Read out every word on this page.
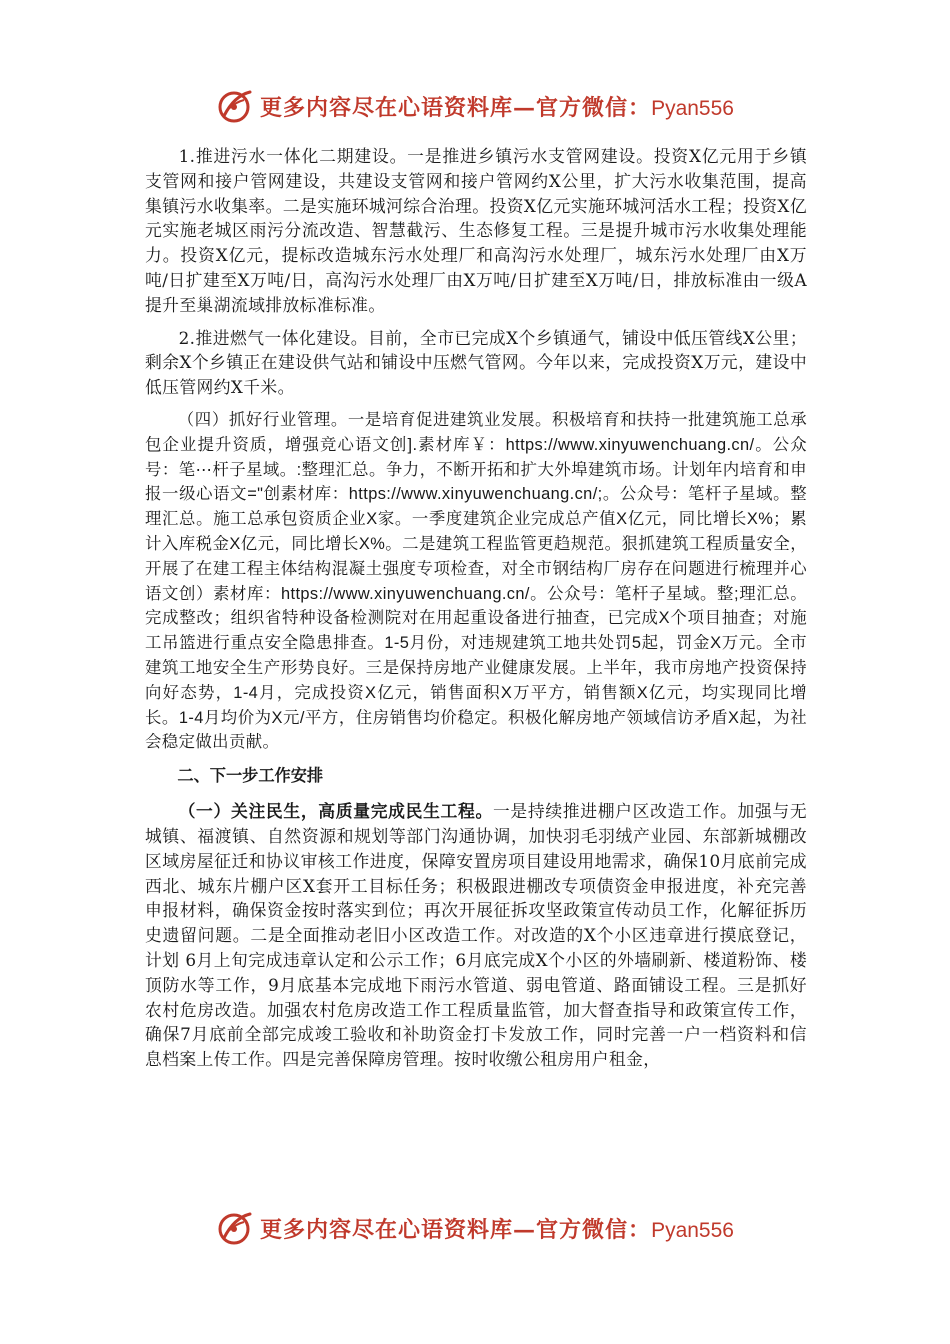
更多内容尽在心语资料库—官方微信：Pyan556

1.推进污水一体化二期建设。一是推进乡镇污水支管网建设。投资X亿元用于乡镇支管网和接户管网建设，共建设支管网和接户管网约X公里，扩大污水收集范围，提高集镇污水收集率。二是实施环城河综合治理。投资X亿元实施环城河活水工程；投资X亿元实施老城区雨污分流改造、智慧截污、生态修复工程。三是提升城市污水收集处理能力。投资X亿元，提标改造城东污水处理厂和高沟污水处理厂，城东污水处理厂由X万吨/日扩建至X万吨/日，高沟污水处理厂由X万吨/日扩建至X万吨/日，排放标准由一级A提升至巢湖流域排放标准标准。

2.推进燃气一体化建设。目前，全市已完成X个乡镇通气，铺设中低压管线X公里；剩余X个乡镇正在建设供气站和铺设中压燃气管网。今年以来，完成投资X万元，建设中低压管网约X千米。

（四）抓好行业管理。一是培育促进建筑业发展。积极培育和扶持一批建筑施工总承包企业提升资质，增强竞心语文创].素材库￥：https://www.xinyuwenchuang.cn/。公众号：笔⋯杆子星域。:整理汇总。争力，不断开拓和扩大外埠建筑市场。计划年内培育和申报一级心语文="创素材库：https://www.xinyuwenchuang.cn/;。公众号：笔杆子星域。整理汇总。施工总承包资质企业X家。一季度建筑企业完成总产值X亿元，同比增长X%；累计入库税金X亿元，同比增长X%。二是建筑工程监管更趋规范。狠抓建筑工程质量安全，开展了在建工程主体结构混凝土强度专项检查，对全市钢结构厂房存在问题进行梳理并心语文创）素材库：https://www.xinyuwenchuang.cn/。公众号：笔杆子星域。整;理汇总。完成整改；组织省特种设备检测院对在用起重设备进行抽查，已完成X个项目抽查；对施工吊篮进行重点安全隐患排查。1-5月份，对违规建筑工地共处罚5起，罚金X万元。全市建筑工地安全生产形势良好。三是保持房地产业健康发展。上半年，我市房地产投资保持向好态势，1-4月，完成投资X亿元，销售面积X万平方，销售额X亿元，均实现同比增长。1-4月均价为X元/平方，住房销售均价稳定。积极化解房地产领域信访矛盾X起，为社会稳定做出贡献。

二、下一步工作安排

（一）关注民生，高质量完成民生工程。一是持续推进棚户区改造工作。加强与无城镇、福渡镇、自然资源和规划等部门沟通协调，加快羽毛羽绒产业园、东部新城棚改区域房屋征迁和协议审核工作进度，保障安置房项目建设用地需求，确保10月底前完成西北、城东片棚户区X套开工目标任务；积极跟进棚改专项债资金申报进度，补充完善申报材料，确保资金按时落实到位；再次开展征拆攻坚政策宣传动员工作，化解征拆历史遗留问题。二是全面推动老旧小区改造工作。对改造的X个小区违章进行摸底登记，计划 6月上旬完成违章认定和公示工作；6月底完成X个小区的外墙刷新、楼道粉饰、楼顶防水等工作，9月底基本完成地下雨污水管道、弱电管道、路面铺设工程。三是抓好农村危房改造。加强农村危房改造工作工程质量监管，加大督查指导和政策宣传工作，确保7月底前全部完成竣工验收和补助资金打卡发放工作，同时完善一户一档资料和信息档案上传工作。四是完善保障房管理。按时收缴公租房用户租金，

更多内容尽在心语资料库—官方微信：Pyan556
